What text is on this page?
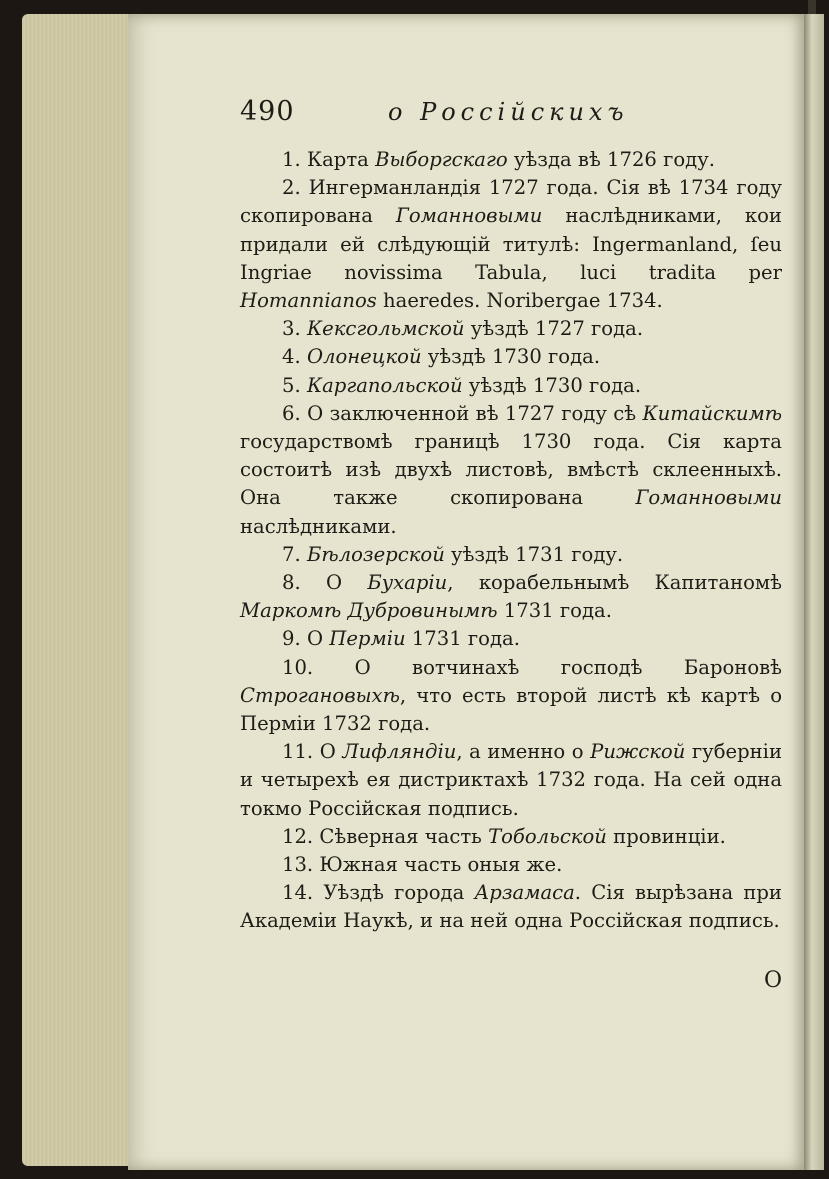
490	о Россійскихъ

1. Карта Выборгскаго уѣзда вѣ 1726 году.

2. Ингерманландія 1727 года. Сія вѣ 1734 году скопирована Гоманновыми наслѣдниками, кои придали ей слѣдующій титулѣ: Ingermanland, ſeu Ingriae novissima Tabula, luci tradita per Homannianos haeredes. Noribergae 1734.

3. Кексгольмской уѣздѣ 1727 года.

4. Олонецкой уѣздѣ 1730 года.

5. Каргапольской уѣздѣ 1730 года.

6. О заключенной вѣ 1727 году сѣ Китайскимѣ государствомѣ границѣ 1730 года. Сія карта состоитѣ изѣ двухѣ листовѣ, вмѣстѣ склеенныхѣ. Она также скопирована Гоманновыми наслѣдниками.

7. Бѣлозерской уѣздѣ 1731 году.

8. О Бухаріи, корабельнымѣ Капитаномѣ Маркомѣ Дубровинымѣ 1731 года.

9. О Перміи 1731 года.

10. О вотчинахѣ господѣ Бароновѣ Строгановыхѣ, что есть второй листѣ кѣ картѣ о Перміи 1732 года.

11. О Лифляндіи, а именно о Рижской губерніи и четырехѣ ея дистриктахѣ 1732 года. На сей одна токмо Россійская подпись.

12. Сѣверная часть Тобольской провинціи.

13. Южная часть оныя же.

14. Уѣздѣ города Арзамаса. Сія вырѣзана при Академіи Наукѣ, и на ней одна Россійская подпись.

О
